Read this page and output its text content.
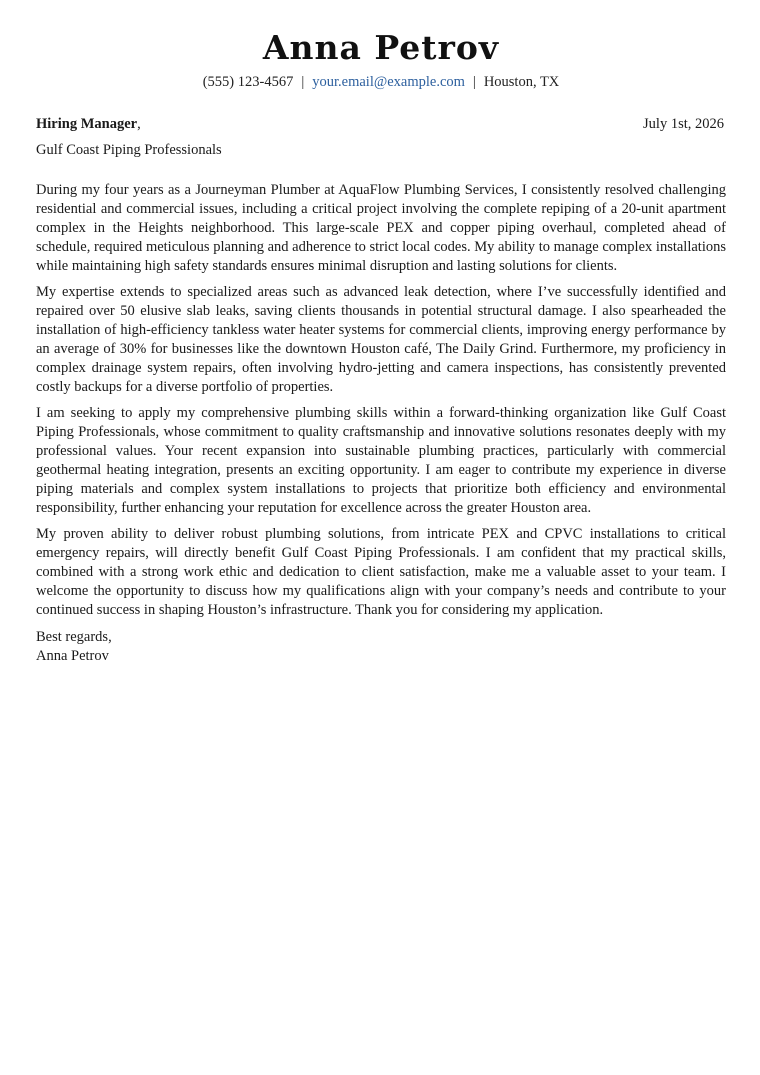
Anna Petrov
(555) 123-4567 | your.email@example.com | Houston, TX
Hiring Manager,	July 1st, 2026
Gulf Coast Piping Professionals

During my four years as a Journeyman Plumber at AquaFlow Plumbing Services, I consistently resolved challenging residential and commercial issues, including a critical project involving the complete repiping of a 20-unit apartment complex in the Heights neighborhood. This large-scale PEX and copper piping overhaul, completed ahead of schedule, required meticulous planning and adherence to strict local codes. My ability to manage complex installations while maintaining high safety standards ensures minimal disruption and lasting solutions for clients.

My expertise extends to specialized areas such as advanced leak detection, where I’ve successfully identified and repaired over 50 elusive slab leaks, saving clients thousands in potential structural damage. I also spearheaded the installation of high-efficiency tankless water heater systems for commercial clients, improving energy performance by an average of 30% for businesses like the downtown Houston café, The Daily Grind. Furthermore, my proficiency in complex drainage system repairs, often involving hydro-jetting and camera inspections, has consistently prevented costly backups for a diverse portfolio of properties.

I am seeking to apply my comprehensive plumbing skills within a forward-thinking organization like Gulf Coast Piping Professionals, whose commitment to quality craftsmanship and innovative solutions resonates deeply with my professional values. Your recent expansion into sustainable plumbing practices, particularly with commercial geothermal heating integration, presents an exciting opportunity. I am eager to contribute my experience in diverse piping materials and complex system installations to projects that prioritize both efficiency and environmental responsibility, further enhancing your reputation for excellence across the greater Houston area.

My proven ability to deliver robust plumbing solutions, from intricate PEX and CPVC installations to critical emergency repairs, will directly benefit Gulf Coast Piping Professionals. I am confident that my practical skills, combined with a strong work ethic and dedication to client satisfaction, make me a valuable asset to your team. I welcome the opportunity to discuss how my qualifications align with your company’s needs and contribute to your continued success in shaping Houston’s infrastructure. Thank you for considering my application.

Best regards,
Anna Petrov
